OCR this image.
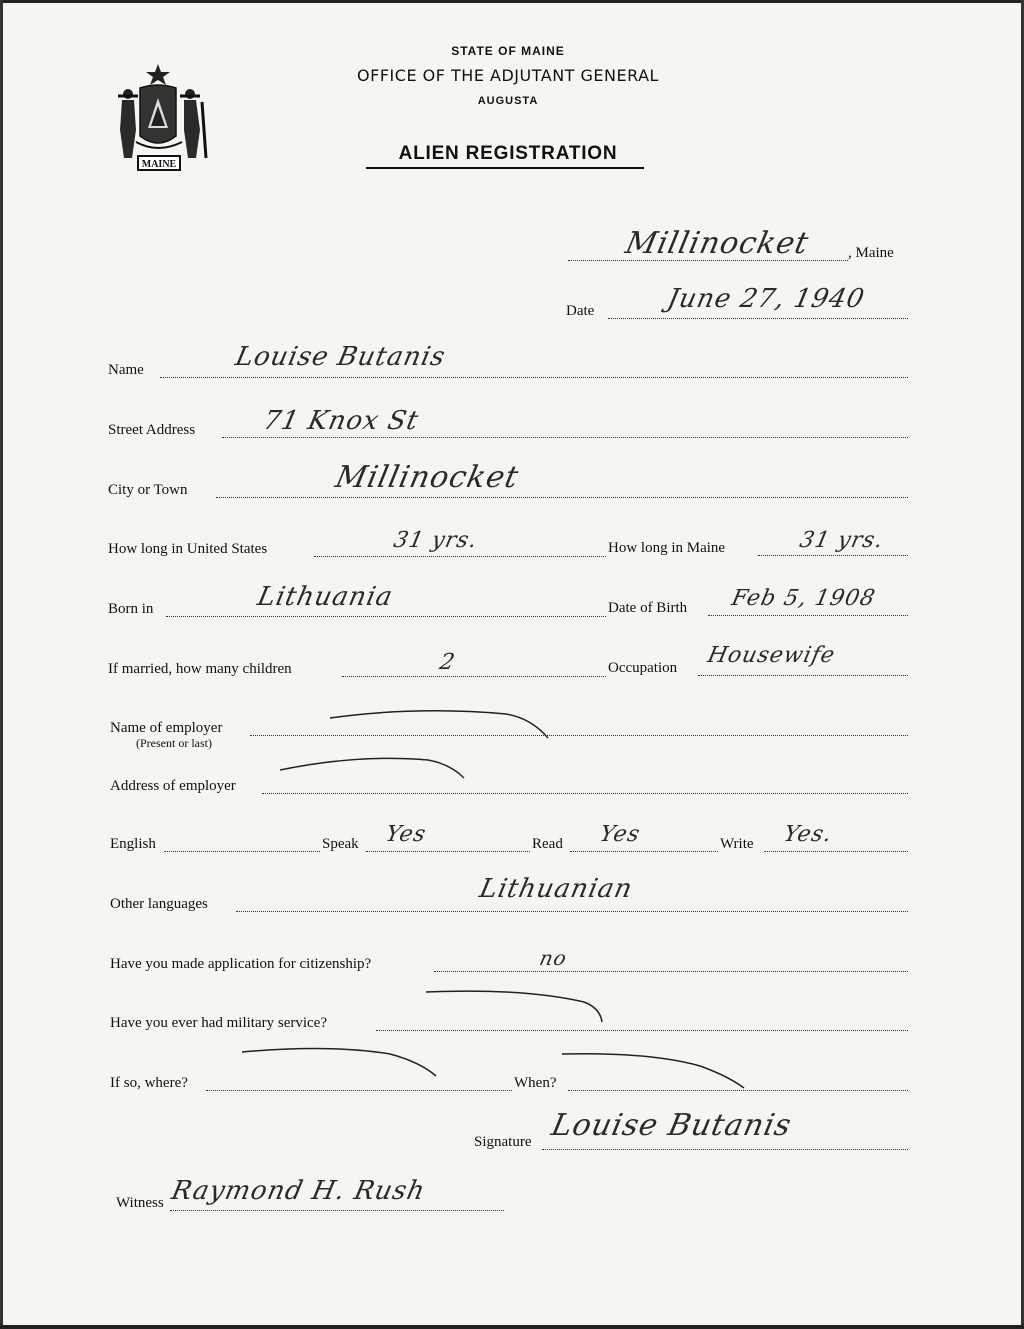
MAINE
STATE OF MAINE
OFFICE OF THE ADJUTANT GENERAL
AUGUSTA
ALIEN REGISTRATION
Millinocket , Maine
Date	June 27, 1940
Name	Louise Butanis
Street Address	71 Knox St
City or Town	Millinocket
How long in United States	31 yrs.	How long in Maine	31 yrs.
Born in	Lithuania	Date of Birth Feb 5, 1908
If married, how many children	2	Occupation Housewife
Name of employer
(Present or last)
Address of employer
English	Speak Yes	Read Yes	Write Yes.
Other languages	Lithuanian
Have you made application for citizenship?	no
Have you ever had military service?
If so, where?	When?
Signature Louise Butanis
Witness Raymond H. Rush
